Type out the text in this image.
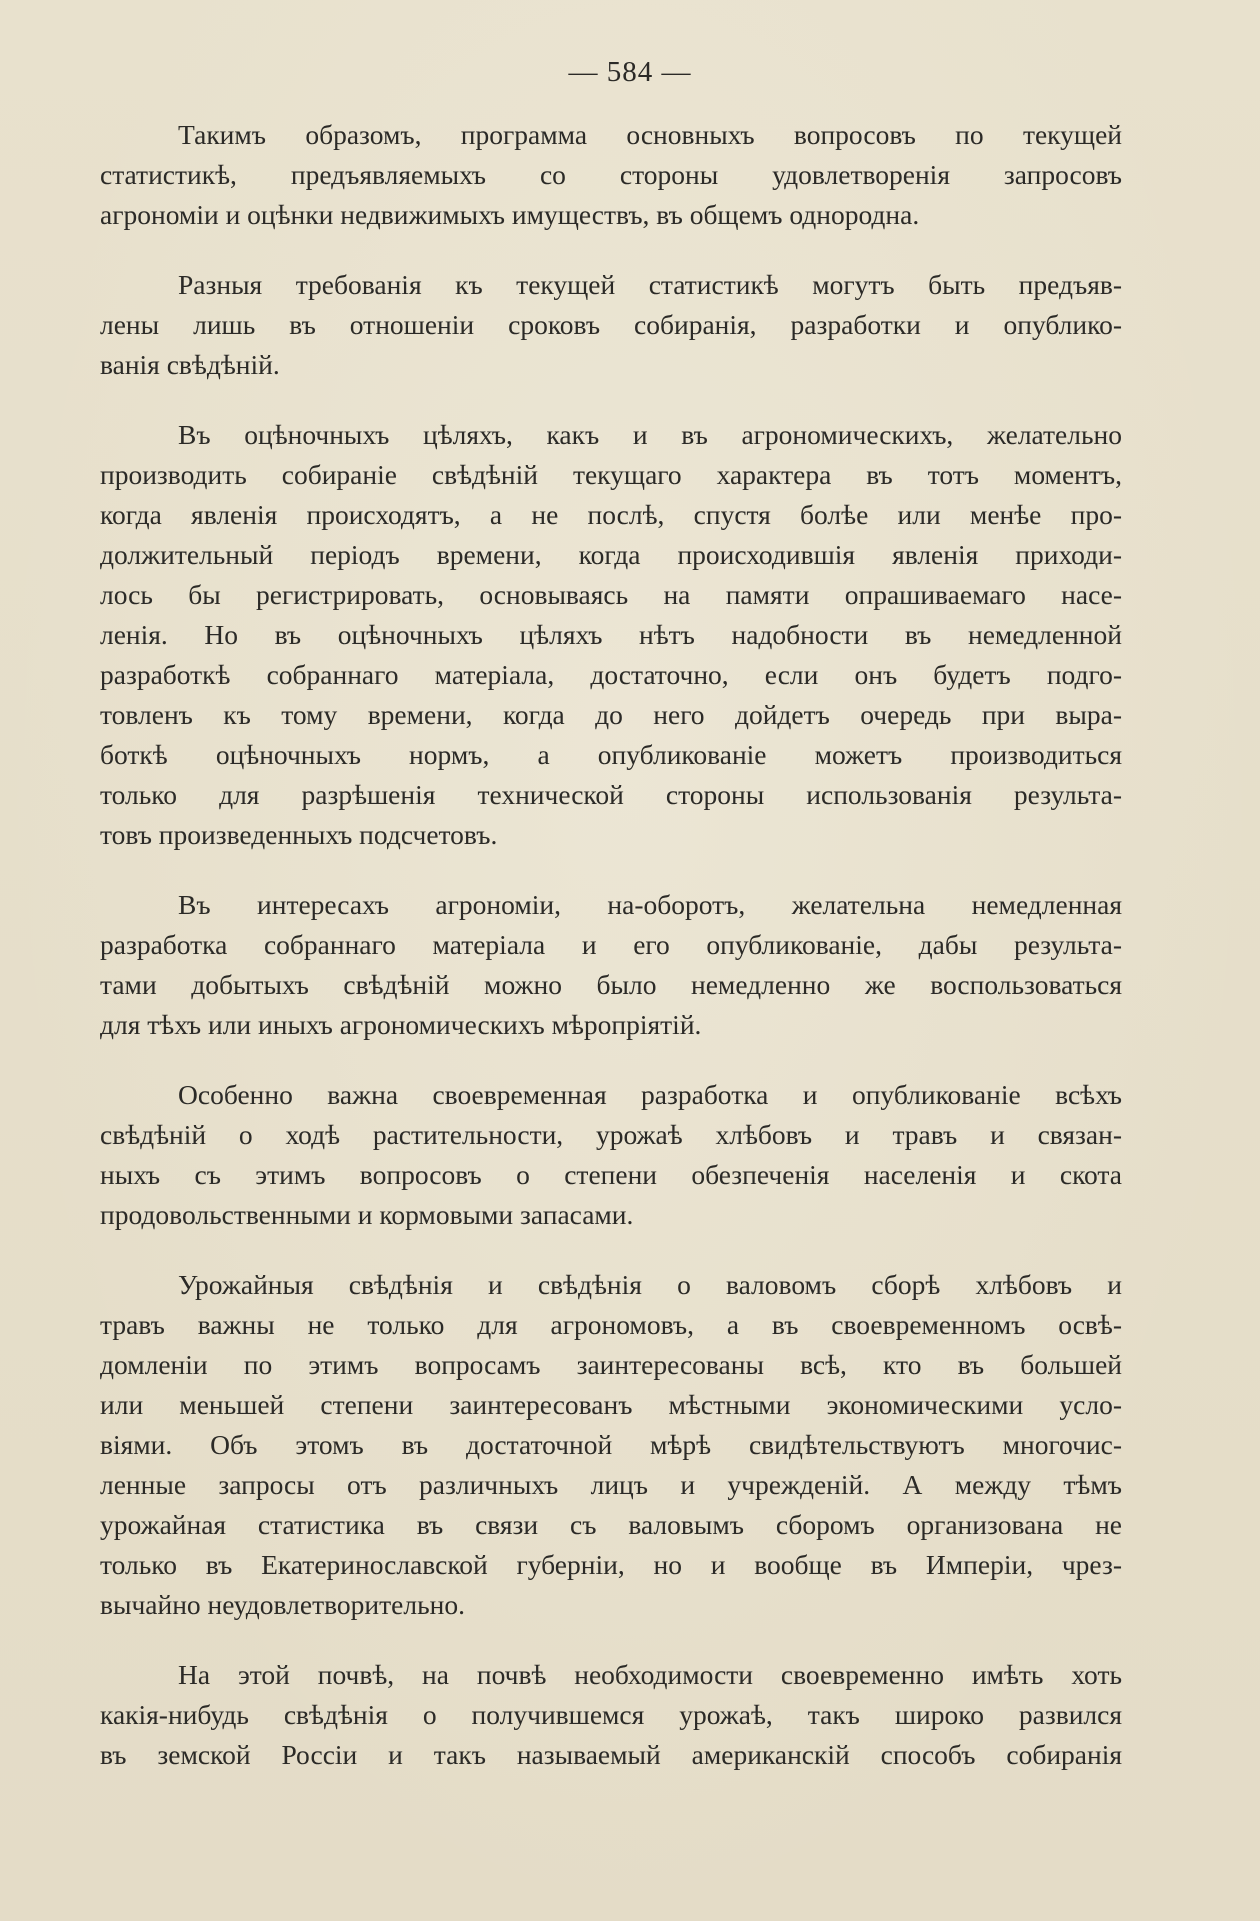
— 584 —
Такимъ образомъ, программа основныхъ вопросовъ по текущей
статистикѣ, предъявляемыхъ со стороны удовлетворенія запросовъ
агрономіи и оцѣнки недвижимыхъ имуществъ, въ общемъ однородна.
Разныя требованія къ текущей статистикѣ могутъ быть предъяв-
лены лишь въ отношеніи сроковъ собиранія, разработки и опублико-
ванія свѣдѣній.
Въ оцѣночныхъ цѣляхъ, какъ и въ агрономическихъ, желательно
производить собираніе свѣдѣній текущаго характера въ тотъ моментъ,
когда явленія происходятъ, а не послѣ, спустя болѣе или менѣе про-
должительный періодъ времени, когда происходившія явленія приходи-
лось бы регистрировать, основываясь на памяти опрашиваемаго насе-
ленія. Но въ оцѣночныхъ цѣляхъ нѣтъ надобности въ немедленной
разработкѣ собраннаго матеріала, достаточно, если онъ будетъ подго-
товленъ къ тому времени, когда до него дойдетъ очередь при выра-
боткѣ оцѣночныхъ нормъ, а опубликованіе можетъ производиться
только для разрѣшенія технической стороны использованія результа-
товъ произведенныхъ подсчетовъ.
Въ интересахъ агрономіи, на-оборотъ, желательна немедленная
разработка собраннаго матеріала и его опубликованіе, дабы результа-
тами добытыхъ свѣдѣній можно было немедленно же воспользоваться
для тѣхъ или иныхъ агрономическихъ мѣропріятій.
Особенно важна своевременная разработка и опубликованіе всѣхъ
свѣдѣній о ходѣ растительности, урожаѣ хлѣбовъ и травъ и связан-
ныхъ съ этимъ вопросовъ о степени обезпеченія населенія и скота
продовольственными и кормовыми запасами.
Урожайныя свѣдѣнія и свѣдѣнія о валовомъ сборѣ хлѣбовъ и
травъ важны не только для агрономовъ, а въ своевременномъ освѣ-
домленіи по этимъ вопросамъ заинтересованы всѣ, кто въ большей
или меньшей степени заинтересованъ мѣстными экономическими усло-
віями. Объ этомъ въ достаточной мѣрѣ свидѣтельствуютъ многочис-
ленные запросы отъ различныхъ лицъ и учрежденій. А между тѣмъ
урожайная статистика въ связи съ валовымъ сборомъ организована не
только въ Екатеринославской губерніи, но и вообще въ Имперіи, чрез-
вычайно неудовлетворительно.
На этой почвѣ, на почвѣ необходимости своевременно имѣть хоть
какія-нибудь свѣдѣнія о получившемся урожаѣ, такъ широко развился
въ земской Россіи и такъ называемый американскій способъ собиранія
